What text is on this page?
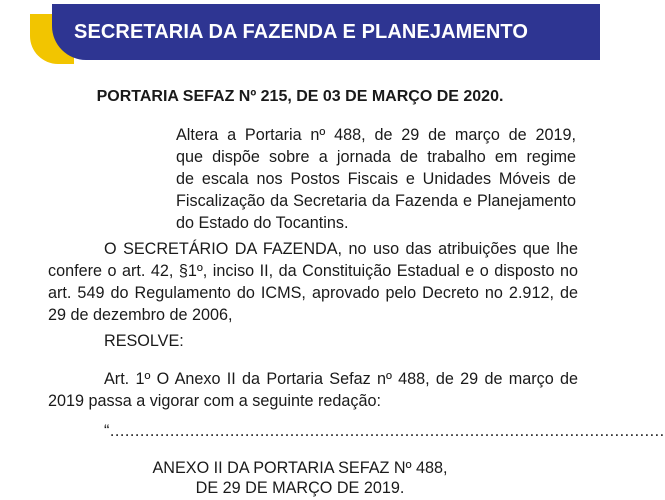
SECRETARIA DA FAZENDA E PLANEJAMENTO
PORTARIA SEFAZ Nº 215, DE 03 DE MARÇO DE 2020.
Altera a Portaria nº 488, de 29 de março de 2019,
que dispõe sobre a jornada de trabalho em regime
de escala nos Postos Fiscais e Unidades Móveis de
Fiscalização da Secretaria da Fazenda e Planejamento
do Estado do Tocantins.
O SECRETÁRIO DA FAZENDA, no uso das atribuições que lhe
confere o art. 42, §1º, inciso II, da Constituição Estadual e o disposto no
art. 549 do Regulamento do ICMS, aprovado pelo Decreto no 2.912, de
29 de dezembro de 2006,
RESOLVE:
Art. 1º O Anexo II da Portaria Sefaz nº 488, de 29 de março de
2019 passa a vigorar com a seguinte redação:
“...............................................................................................................
ANEXO II DA PORTARIA SEFAZ Nº 488,
DE 29 DE MARÇO DE 2019.
